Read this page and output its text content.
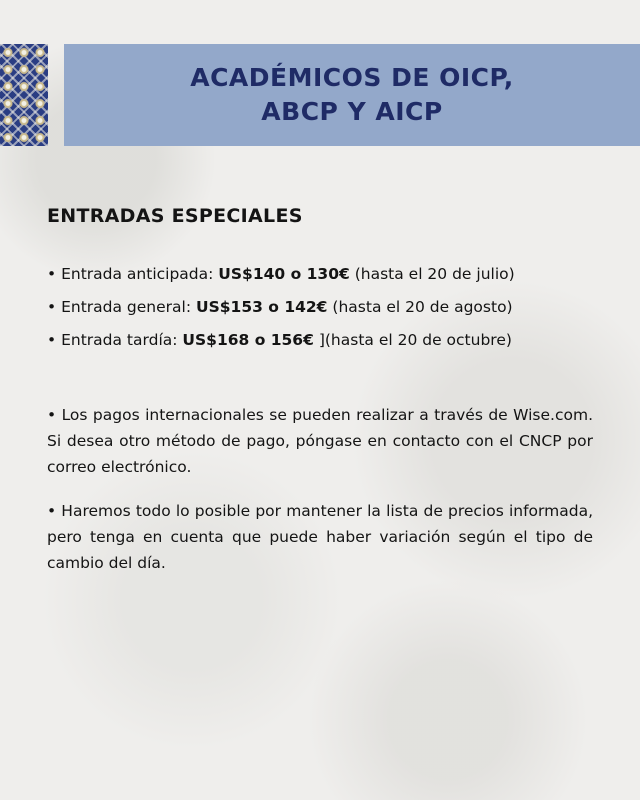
ACADÉMICOS DE OICP,
ABCP Y AICP
ENTRADAS ESPECIALES
• Entrada anticipada: US$140 o 130€ (hasta el 20 de julio)
• Entrada general: US$153 o 142€ (hasta el 20 de agosto)
• Entrada tardía: US$168 o 156€ ](hasta el 20 de octubre)

• Los pagos internacionales se pueden realizar a través de Wise.com. Si desea otro método de pago, póngase en contacto con el CNCP por correo electrónico.

• Haremos todo lo posible por mantener la lista de precios informada, pero tenga en cuenta que puede haber variación según el tipo de cambio del día.
